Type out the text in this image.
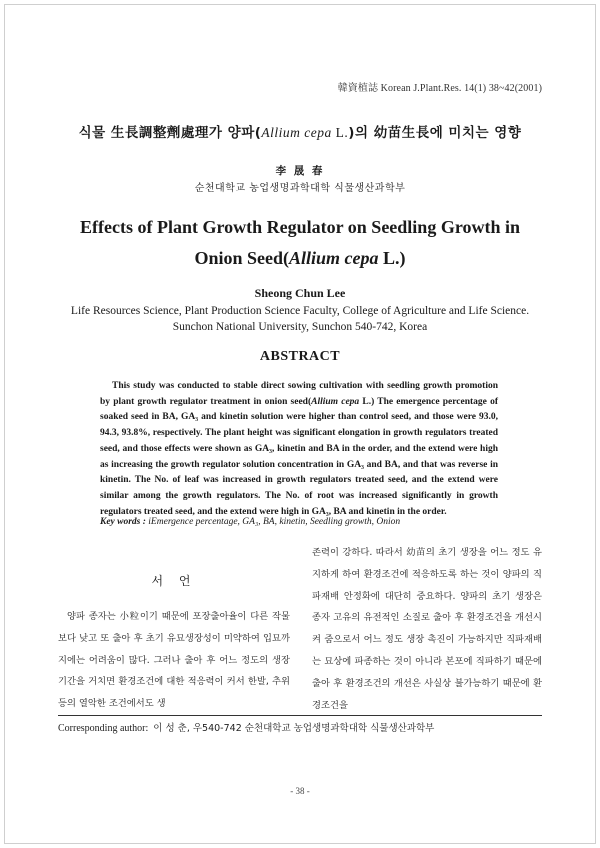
韓資植誌 Korean J.Plant.Res. 14(1) 38~42(2001)
식물 生長調整劑處理가 양파(Allium cepa L.)의 幼苗生長에 미치는 영향
李 晟 春
순천대학교 농업생명과학대학 식물생산과학부
Effects of Plant Growth Regulator on Seedling Growth in
Onion Seed(Allium cepa L.)
Sheong Chun Lee
Life Resources Science, Plant Production Science Faculty, College of Agriculture and Life Science.
Sunchon National University, Sunchon 540-742, Korea
ABSTRACT
This study was conducted to stable direct sowing cultivation with seedling growth promotion by plant growth regulator treatment in onion seed(Allium cepa L.) The emergence percentage of soaked seed in BA, GA₃ and kinetin solution were higher than control seed, and those were 93.0, 94.3, 93.8%, respectively. The plant height was significant elongation in growth regulators treated seed, and those effects were shown as GA₃, kinetin and BA in the order, and the extend were high as increasing the growth regulator solution concentration in GA₃ and BA, and that was reverse in kinetin. The No. of leaf was increased in growth regulators treated seed, and the extend were similar among the growth regulators. The No. of root was increased significantly in growth regulators treated seed, and the extend were high in GA₃, BA and kinetin in the order.
Key words : iEmergence percentage, GA₃, BA, kinetin, Seedling growth, Onion
서 언

양파 종자는 小粒이기 때문에 포장출아율이 다른 작물 보다 낮고 또 출아 후 초기 유묘생장성이 미약하여 입묘까지에는 어려움이 많다. 그러나 출아 후 어느 정도의 생장기간을 거치면 환경조건에 대한 적응력이 커서 한발, 추위 등의 열악한 조건에서도 생

존력이 강하다. 따라서 幼苗의 초기 생장을 어느 정도 유지하게 하여 환경조건에 적응하도록 하는 것이 양파의 직파재배 안정화에 대단히 중요하다. 양파의 초기 생장은 종자 고유의 유전적인 소질로 출아 후 환경조건을 개선시켜 줌으로서 어느 정도 생장 촉진이 가능하지만 직파재배는 묘상에 파종하는 것이 아니라 본포에 직파하기 때문에 출아 후 환경조건의 개선은 사실상 불가능하기 때문에 환경조건을

Corresponding author: 이 성 춘, 우540-742 순천대학교 농업생명과학대학 식물생산과학부
- 38 -
